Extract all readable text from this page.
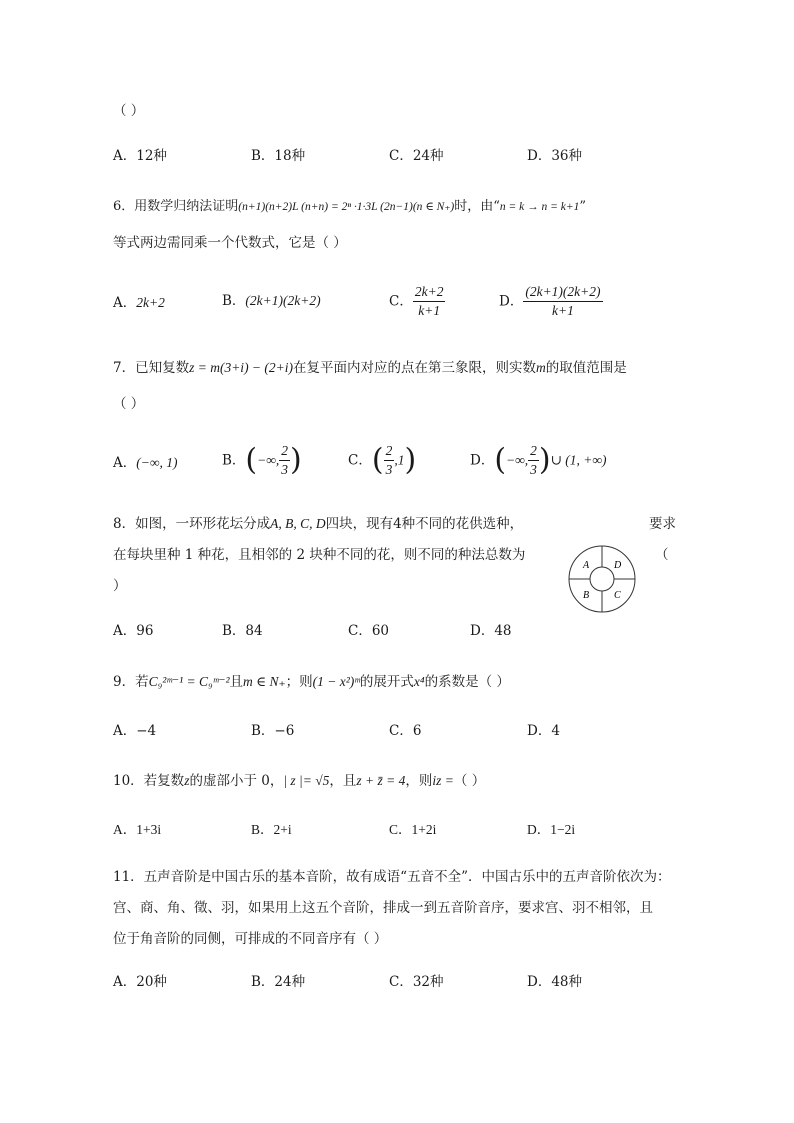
（ ）
A．12种	B．18种	C．24种	D．36种
6．用数学归纳法证明(n+1)(n+2)L (n+n) = 2ⁿ ·1·3L (2n−1)(n ∈ N₊)时，由“n = k → n = k+1”
等式两边需同乘一个代数式，它是（ ）
A．2k+2	B．(2k+1)(2k+2)	C． $\frac{2k+2}{k+1}$	D． $\frac{(2k+1)(2k+2)}{k+1}$
7．已知复数z = m(3+i) − (2+i)在复平面内对应的点在第三象限，则实数m的取值范围是
（ ）
A．(−∞, 1)	B．(−∞, $\frac{2}{3}$ )	C．( $\frac{2}{3} ,1$)	D．(−∞, $\frac{2}{3}$ )∪ (1, +∞)
8．如图，一环形花坛分成A, B, C, D四块，现有4种不同的花供选种，	要求
在每块里种 1 种花，且相邻的 2 块种不同的花，则不同的种法总数为	（
）
A D
B C
A．96	B．84	C．60	D．48
9．若C₉²ᵐ⁻¹ = C₉ᵐ⁻²且m ∈ N₊；则(1 − x²)ᵐ的展开式x⁴的系数是（ ）
A．−4	B．−6	C．6	D．4
10．若复数z的虚部小于 0，| z |= √5，且z + z̄ = 4，则iz =（ ）
A．1+3i	B．2+i	C．1+2i	D．1−2i
11．五声音阶是中国古乐的基本音阶，故有成语“五音不全”．中国古乐中的五声音阶依次为：
宫、商、角、徵、羽，如果用上这五个音阶，排成一到五音阶音序，要求宫、羽不相邻，且
位于角音阶的同侧，可排成的不同音序有（ ）
A．20种	B．24种	C．32种	D．48种
